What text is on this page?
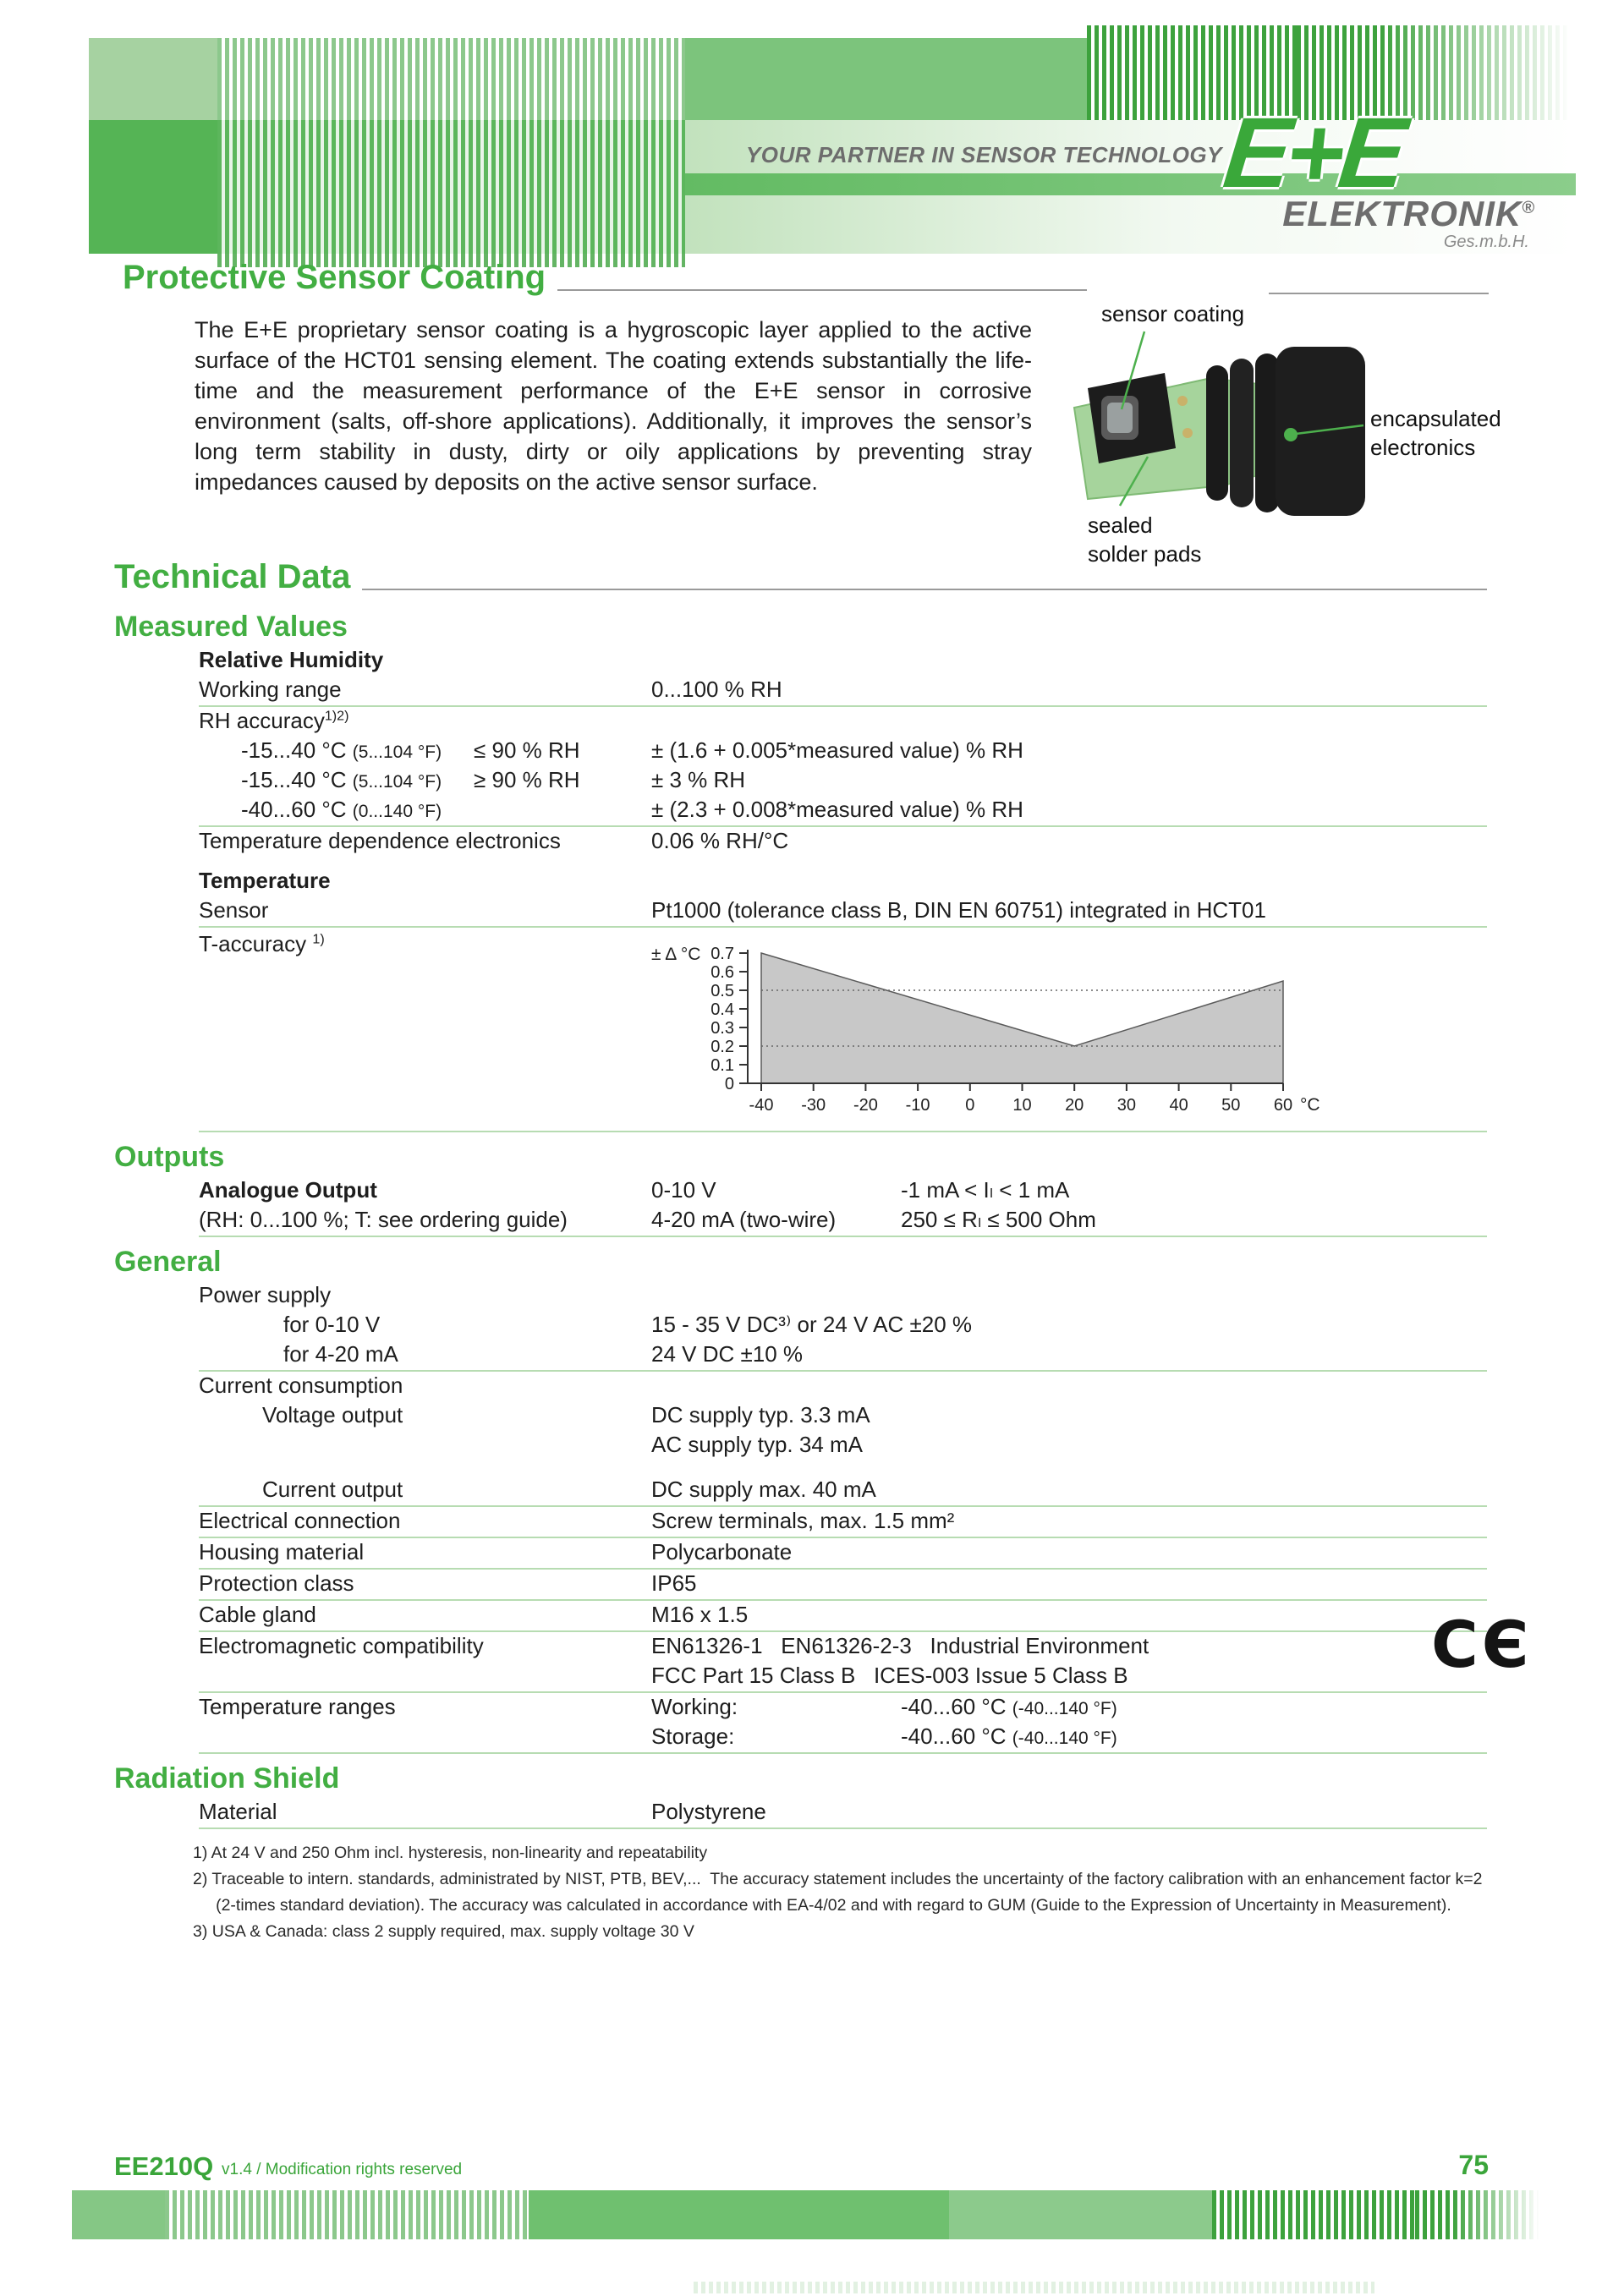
YOUR PARTNER IN SENSOR TECHNOLOGY
E+E
ELEKTRONIK®
Ges.m.b.H.
Protective Sensor Coating
The E+E proprietary sensor coating is a hygroscopic layer applied to the active surface of the HCT01 sensing element. The coating extends substantially the life-time and the measurement performance of the E+E sensor in corrosive environment (salts, off-shore applications). Additionally, it improves the sensor’s long term stability in dusty, dirty or oily applications by preventing stray impedances caused by deposits on the active sensor surface.
sensor coating
encapsulated
electronics
sealed
solder pads
Technical Data
Measured Values
Relative Humidity
Working range	0...100 % RH
RH accuracy$^{1)2)}$
-15...40 °C (5...104 °F) ≤ 90 % RH	± (1.6 + 0.005*measured value) % RH
-15...40 °C (5...104 °F) ≥ 90 % RH	± 3 % RH
-40...60 °C (0...140 °F)	± (2.3 + 0.008*measured value) % RH
Temperature dependence electronics	0.06 % RH/°C
Temperature
Sensor	Pt1000 (tolerance class B, DIN EN 60751) integrated in HCT01
T-accuracy $^{1)}$
0
0.1
0.2
0.3
0.4
0.5
0.6
0.7
-40 -30 -20 -10 0 10 20 30 40 50 60
± Δ °C
°C
Outputs
Analogue Output	0-10 V	-1 mA < Iₗ < 1 mA
(RH: 0...100 %; T: see ordering guide)	4-20 mA (two-wire)	250 ≤ Rₗ ≤ 500 Ohm
General
Power supply
for 0-10 V	15 - 35 V DC³⁾ or 24 V AC ±20 %
for 4-20 mA	24 V DC ±10 %
Current consumption
Voltage output	DC supply typ. 3.3 mA
AC supply typ. 34 mA
Current output	DC supply max. 40 mA
Electrical connection	Screw terminals, max. 1.5 mm²
Housing material	Polycarbonate
Protection class	IP65
Cable gland	M16 x 1.5
Electromagnetic compatibility	EN61326-1   EN61326-2-3   Industrial Environment
FCC Part 15 Class B   ICES-003 Issue 5 Class B
Temperature ranges	Working:	-40...60 °C (-40...140 °F)
Storage:	-40...60 °C (-40...140 °F)
Radiation Shield
Material	Polystyrene
CЄ
1) At 24 V and 250 Ohm incl. hysteresis, non-linearity and repeatability
2) Traceable to intern. standards, administrated by NIST, PTB, BEV,...  The accuracy statement includes the uncertainty of the factory calibration with an enhancement factor k=2
(2-times standard deviation). The accuracy was calculated in accordance with EA-4/02 and with regard to GUM (Guide to the Expression of Uncertainty in Measurement).
3) USA & Canada: class 2 supply required, max. supply voltage 30 V
EE210Q v1.4 / Modification rights reserved	75
